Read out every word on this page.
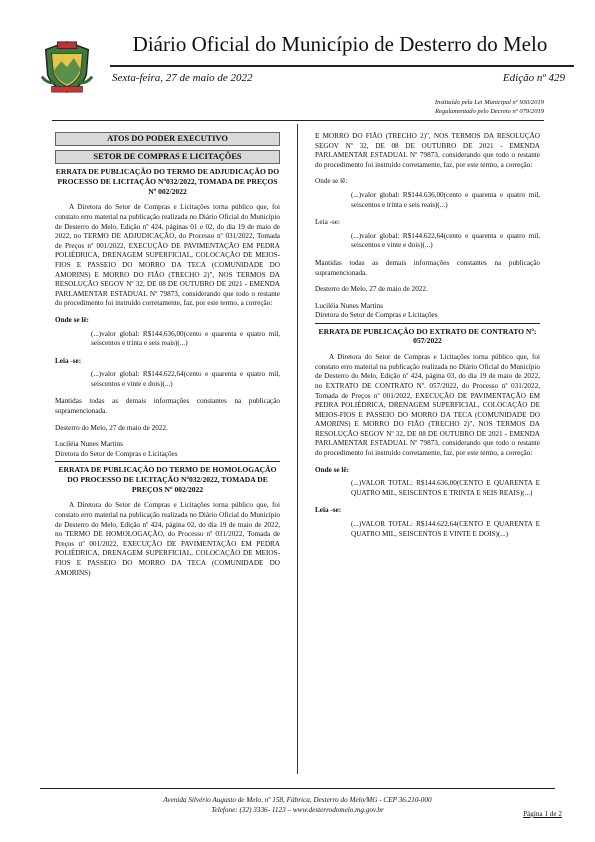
Diário Oficial do Município de Desterro do Melo
Sexta-feira, 27 de maio de 2022	Edição nº 429
Instituído pela Lei Municipal nº 930/2019
Regulamentado pelo Decreto nº 079/2019
ATOS DO PODER EXECUTIVO
SETOR DE COMPRAS E LICITAÇÕES
ERRATA DE PUBLICAÇÃO DO TERMO DE ADJUDICAÇÃO DO PROCESSO DE LICITAÇÃO Nº032/2022, TOMADA DE PREÇOS Nº 002/2022

A Diretora do Setor de Compras e Licitações torna público que, foi constato erro material na publicação realizada no Diário Oficial do Município de Desterro do Melo, Edição nº 424, páginas 01 e 02, do dia 19 de maio de 2022, no TERMO DE ADJUDICAÇÃO, do Processo nº 031/2022, Tomada de Preços nº 001/2022, EXECUÇÃO DE PAVIMENTAÇÃO EM PEDRA POLIÉDRICA, DRENAGEM SUPERFICIAL, COLOCAÇÃO DE MEIOS-FIOS E PASSEIO DO MORRO DA TECA (COMUNIDADE DO AMORINS) E MORRO DO FIÃO (TRECHO 2)", NOS TERMOS DA RESOLUÇÃO SEGOV Nº 32, DE 08 DE OUTUBRO DE 2021 - EMENDA PARLAMENTAR ESTADUAL Nº 79873, considerando que todo o restante do procedimento foi instruído corretamente, faz, por este termo, a correção:

Onde se lê:

(...)valor global: R$144.636,00(cento e quarenta e quatro mil, seiscentos e trinta e seis reais)(...)

Leia -se:

(...)valor global: R$144.622,64(cento e quarenta e quatro mil, seiscentos e vinte e dois)(...)

Mantidas todas as demais informações constantes na publicação supramencionada.

Desterro do Melo, 27 de maio de 2022.

Luciléia Nunes Martins

Diretora do Setor de Compras e Licitações

ERRATA DE PUBLICAÇÃO DO TERMO DE HOMOLOGAÇÃO DO PROCESSO DE LICITAÇÃO Nº032/2022, TOMADA DE PREÇOS Nº 002/2022

A Diretora do Setor de Compras e Licitações torna público que, foi constato erro material na publicação realizada no Diário Oficial do Município de Desterro do Melo, Edição nº 424, página 02, do dia 19 de maio de 2022, no TERMO DE HOMOLOGAÇÃO, do Processo nº 031/2022, Tomada de Preços nº 001/2022, EXECUÇÃO DE PAVIMENTAÇÃO EM PEDRA POLIÉDRICA, DRENAGEM SUPERFICIAL, COLOCAÇÃO DE MEIOS-FIOS E PASSEIO DO MORRO DA TECA (COMUNIDADE DO AMORINS)

E MORRO DO FIÃO (TRECHO 2)", NOS TERMOS DA RESOLUÇÃO SEGOV Nº 32, DE 08 DE OUTUBRO DE 2021 - EMENDA PARLAMENTAR ESTADUAL Nº 79873, considerando que todo o restante do procedimento foi instruído corretamente, faz, por este termo, a correção:

Onde se lê:

(...)valor global: R$144.636,00(cento e quarenta e quatro mil, seiscentos e trinta e seis reais)(...)

Leia -se:

(...)valor global: R$144.622,64(cento e quarenta e quatro mil, seiscentos e vinte e dois)(...)

Mantidas todas as demais informações constantes na publicação supramencionada.

Desterro do Melo, 27 de maio de 2022.

Luciléia Nunes Martins

Diretora do Setor de Compras e Licitações

ERRATA DE PUBLICAÇÃO DO EXTRATO DE CONTRATO Nº: 057/2022

A Diretora do Setor de Compras e Licitações torna público que, foi constato erro material na publicação realizada no Diário Oficial do Município de Desterro do Melo, Edição nº 424, página 03, do dia 19 de maio de 2022, no EXTRATO DE CONTRATO Nº. 057/2022, do Processo nº 031/2022, Tomada de Preços nº 001/2022, EXECUÇÃO DE PAVIMENTAÇÃO EM PEDRA POLIÉDRICA, DRENAGEM SUPERFICIAL, COLOCAÇÃO DE MEIOS-FIOS E PASSEIO DO MORRO DA TECA (COMUNIDADE DO AMORINS) E MORRO DO FIÃO (TRECHO 2)", NOS TERMOS DA RESOLUÇÃO SEGOV Nº 32, DE 08 DE OUTUBRO DE 2021 - EMENDA PARLAMENTAR ESTADUAL Nº 79873, considerando que todo o restante do procedimento foi instruído corretamente, faz, por este termo, a correção:

Onde se lê:

(...)VALOR TOTAL: R$144.636,00(CENTO E QUARENTA E QUATRO MIL, SEISCENTOS E TRINTA E SEIS REAIS)(...)

Leia -se:

(...)VALOR TOTAL: R$144.622,64(CENTO E QUARENTA E QUATRO MIL, SEISCENTOS E VINTE E DOIS)(...)

Avenida Silvério Augusto de Melo, nº 158, Fábrica, Desterro do Melo/MG - CEP 36.210-000
Telefone: (32) 3336- 1123 – www.desterrodomelo.mg.gov.br	Página 1 de 2
